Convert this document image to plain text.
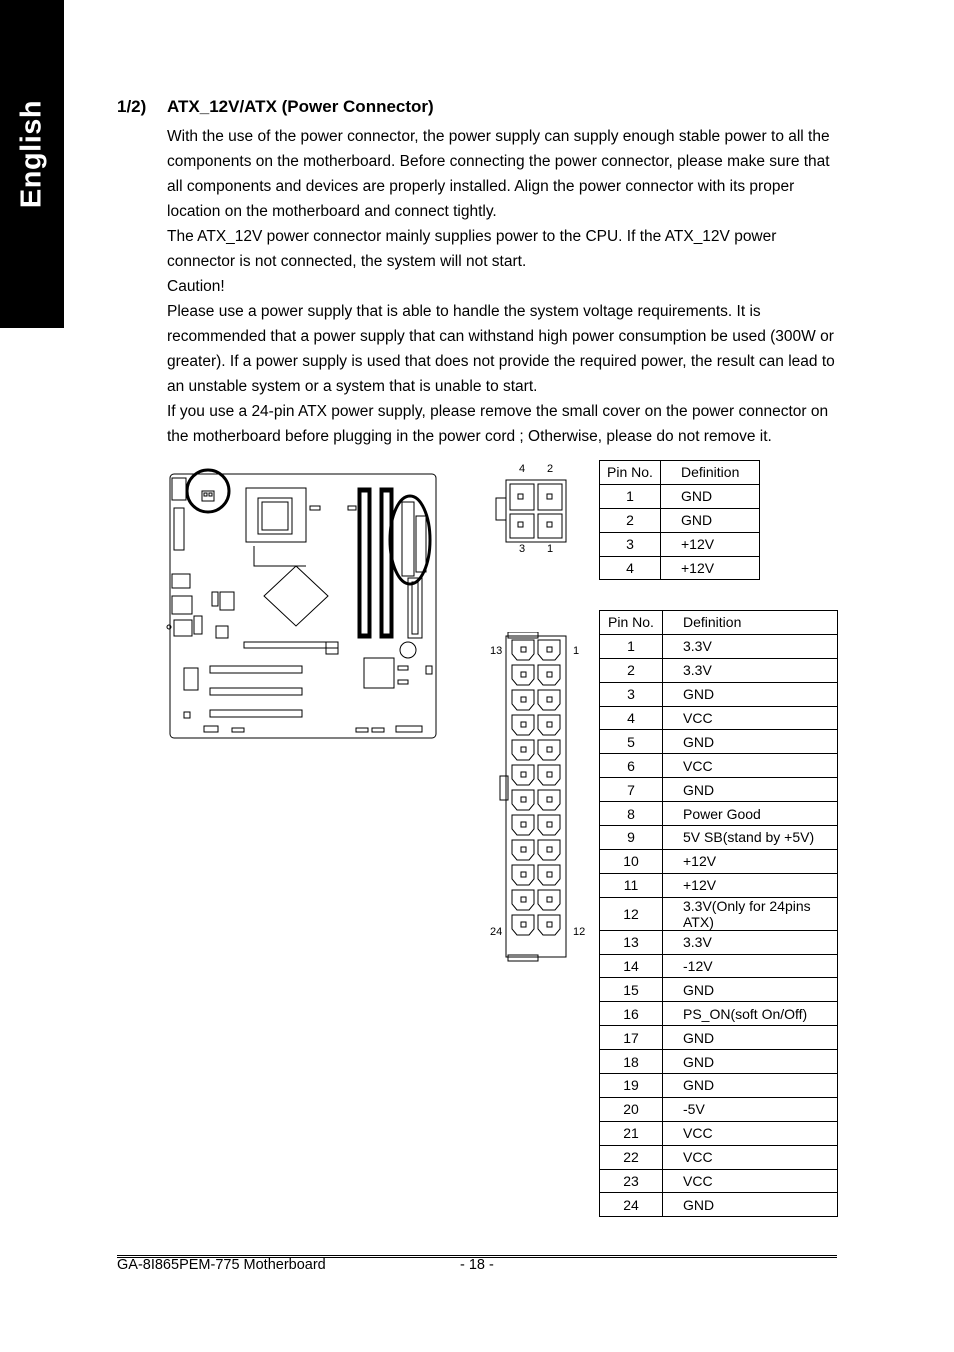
English	1/2) ATX_12V/ATX (Power Connector)

With the use of the power connector, the power supply can supply enough stable power to all the components on the motherboard. Before connecting the power connector, please make sure that all components and devices are properly installed. Align the power connector with its proper location on the motherboard and connect tightly.

The ATX_12V power connector mainly supplies power to the CPU. If the ATX_12V power connector is not connected, the system will not start.

Caution!

Please use a power supply that is able to handle the system voltage requirements. It is recommended that a power supply that can withstand high power consumption be used (300W or greater). If a power supply is used that does not provide the required power, the result can lead to an unstable system or a system that is unable to start.

If you use a 24-pin ATX power supply, please remove the small cover on the power connector on the motherboard before plugging in the power cord ; Otherwise, please do not remove it.

4 2
3 1
13	1
24	12
Pin No.	Definition
1	GND
2	GND
3	+12V
4	+12V
Pin No.	Definition
1	3.3V
2	3.3V
3	GND
4	VCC
5	GND
6	VCC
7	GND
8	Power Good
9	5V SB(stand by +5V)
10	+12V
11	+12V
12	3.3V(Only for 24pins ATX)
13	3.3V
14	-12V
15	GND
16	PS_ON(soft On/Off)
17	GND
18	GND
19	GND
20	-5V
21	VCC
22	VCC
23	VCC
24	GND
GA-8I865PEM-775 Motherboard	- 18 -
